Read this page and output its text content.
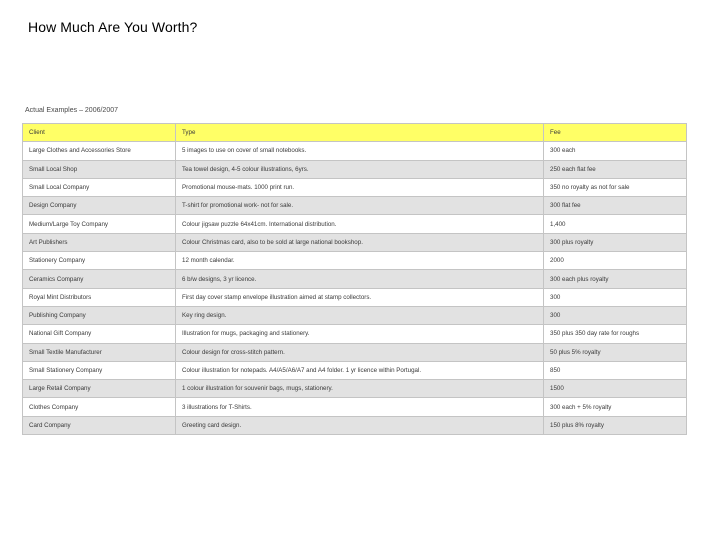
How Much Are You Worth?
Actual Examples – 2006/2007
Client	Type	Fee
Large Clothes and Accessories Store	5 images to use on cover of small notebooks.	300 each
Small Local Shop	Tea towel design, 4-5 colour illustrations, 6yrs.	250 each flat fee
Small Local Company	Promotional mouse-mats. 1000 print run.	350 no royalty as not for sale
Design Company	T-shirt for promotional work- not for sale.	300 flat fee
Medium/Large Toy Company	Colour jigsaw puzzle 64x41cm. International distribution.	1,400
Art Publishers	Colour Christmas card, also to be sold at large national bookshop.	300 plus royalty
Stationery Company	12 month calendar.	2000
Ceramics Company	6 b/w designs, 3 yr licence.	300 each plus royalty
Royal Mint Distributors	First day cover stamp envelope illustration aimed at stamp collectors.	300
Publishing Company	Key ring design.	300
National Gift Company	Illustration for mugs, packaging and stationery.	350 plus 350 day rate for roughs
Small Textile Manufacturer	Colour design for cross-stitch pattern.	50 plus 5% royalty
Small Stationery Company	Colour illustration for notepads. A4/A5/A6/A7 and A4 folder. 1 yr licence within Portugal.	850
Large Retail Company	1 colour illustration for souvenir bags, mugs, stationery.	1500
Clothes Company	3 illustrations for T-Shirts.	300 each + 5% royalty
Card Company	Greeting card design.	150 plus 8% royalty
